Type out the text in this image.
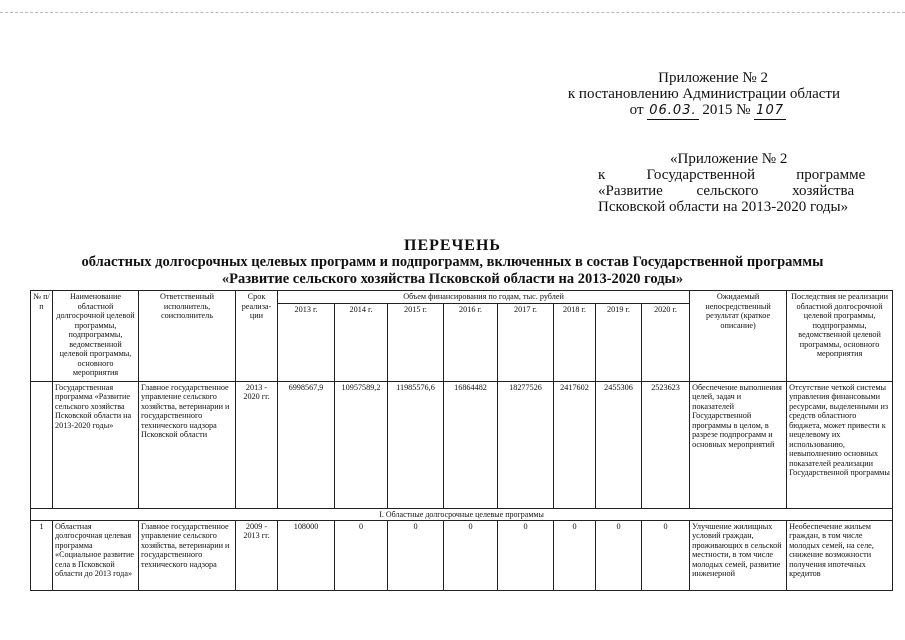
Приложение № 2
к постановлению Администрации области
от 06.03. 2015 № 107
«Приложение № 2
к           Государственной           программе
«Развитие         сельского         хозяйства
Псковской области на 2013-2020 годы»
ПЕРЕЧЕНЬ
областных долгосрочных целевых программ и подпрограмм, включенных в состав Государственной программы
«Развитие сельского хозяйства Псковской области на 2013-2020 годы»
№ п/п	Наименование областной долгосрочной целевой программы, подпрограммы, ведомственной целевой программы, основного мероприятия	Ответственный исполнитель, соисполнитель	Срок реализа-ции	Объем финансирования по годам, тыс. рублей								Ожидаемый непосредственный результат (краткое описание)	Последствия не реализации областной долгосрочной целевой программы, подпрограммы, ведомственной целевой программы, основного мероприятия
				2013 г.	2014 г.	2015 г.	2016 г.	2017 г.	2018 г.	2019 г.	2020 г.		
	Государственная программа «Развитие сельского хозяйства Псковской области на 2013-2020 годы»	Главное государственное управление сельского хозяйства, ветеринарии и государственного технического надзора Псковской области	2013 - 2020 гг.	6998567,9	10957589,2	11985576,6	16864482	18277526	2417602	2455306	2523623	Обеспечение выполнения целей, задач и показателей Государственной программы в целом, в разрезе подпрограмм и основных мероприятий	Отсутствие четкой системы управления финансовыми ресурсами, выделенными из средств областного бюджета, может привести к нецелевому их использованию, невыполнению основных показателей реализации Государственной программы
I. Областные долгосрочные целевые программы													
1	Областная долгосрочная целевая программа «Социальное развитие села в Псковской области до 2013 года»	Главное государственное управление сельского хозяйства, ветеринарии и государственного технического надзора	2009 - 2013 гг.	108000	0	0	0	0	0	0	0	Улучшение жилищных условий граждан, проживающих в сельской местности, в том числе молодых семей, развитие инженерной	Необеспечение жильем граждан, в том числе молодых семей, на селе, снижение возможности получения ипотечных кредитов
